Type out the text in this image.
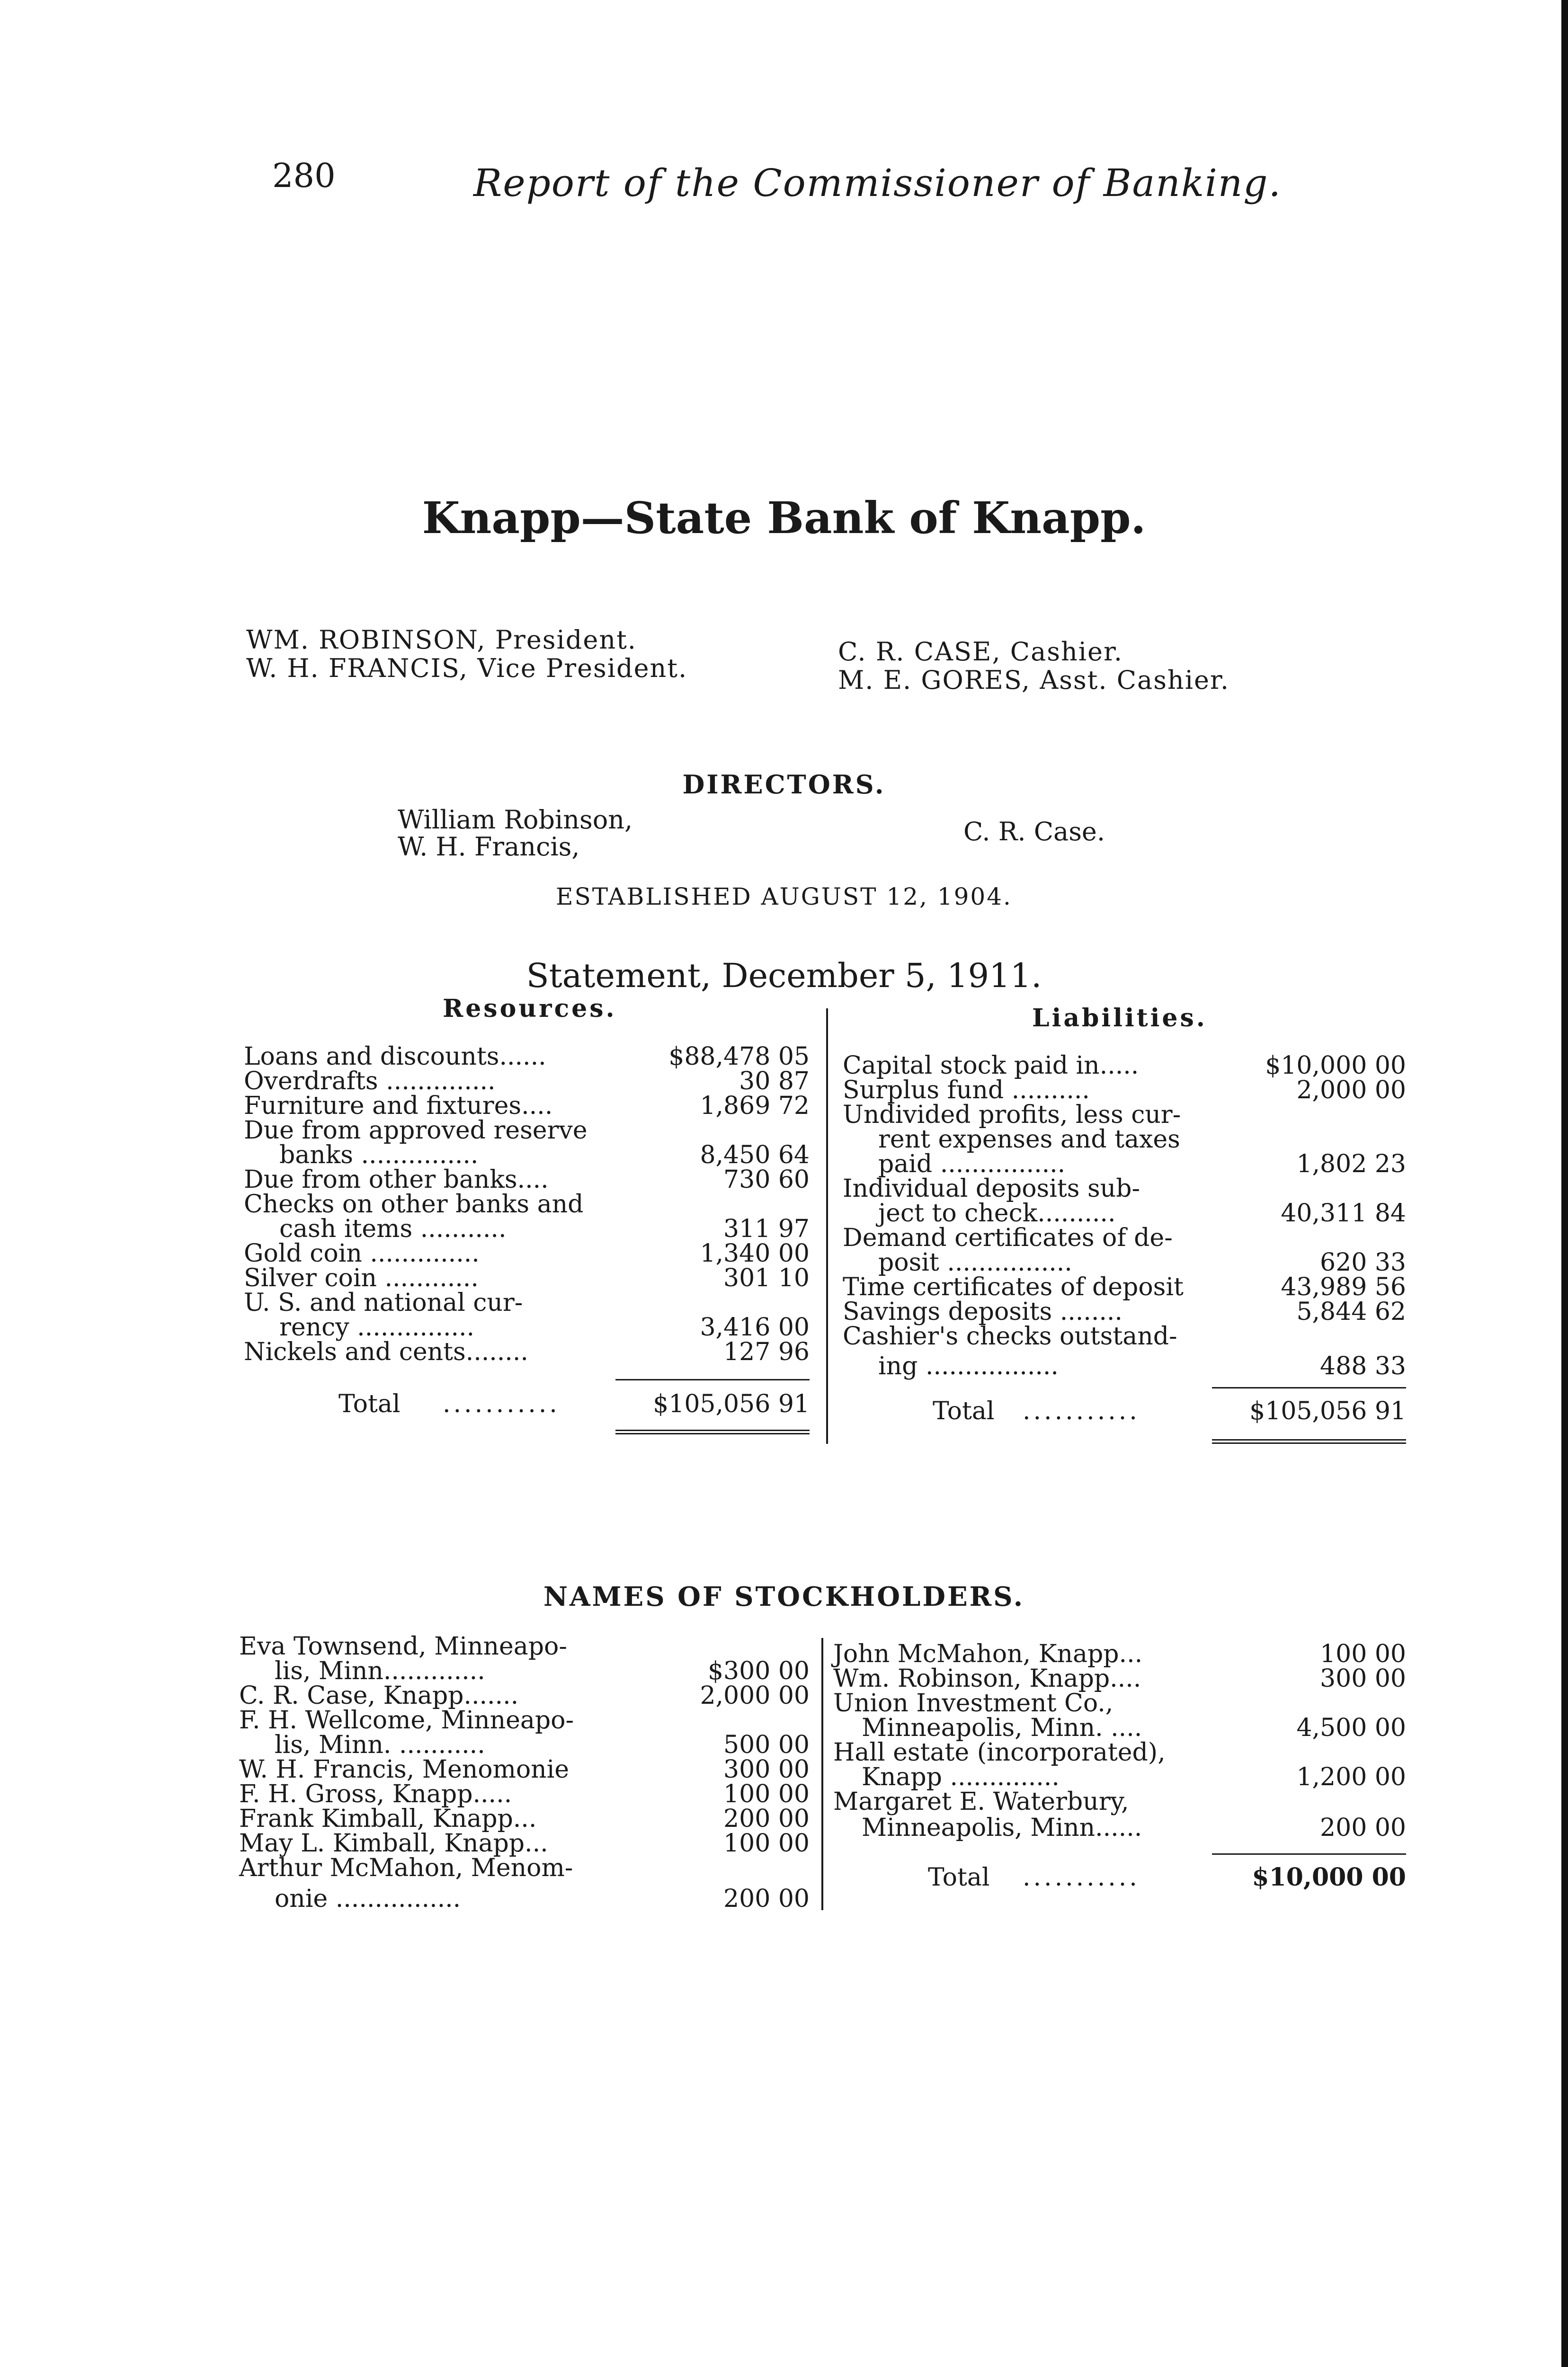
280	Report of the Commissioner of Banking.
Knapp—State Bank of Knapp.
WM. ROBINSON, President.
W. H. FRANCIS, Vice President.
C. R. CASE, Cashier.
M. E. GORES, Asst. Cashier.
DIRECTORS.
William Robinson,
W. H. Francis,
C. R. Case.
ESTABLISHED AUGUST 12, 1904.
Statement, December 5, 1911.
Resources.	Liabilities.
Loans and discounts......	$88,478 05
Overdrafts ..............	30 87
Furniture and fixtures....	1,869 72
Due from approved reserve
banks ...............	8,450 64
Due from other banks....	730 60
Checks on other banks and
cash items ...........	311 97
Gold coin ..............	1,340 00
Silver coin ............	301 10
U. S. and national cur-
rency ...............	3,416 00
Nickels and cents........	127 96
Total ...........	$105,056 91
Capital stock paid in.....	$10,000 00
Surplus fund ..........	2,000 00
Undivided profits, less cur-
rent expenses and taxes
paid ................	1,802 23
Individual deposits sub-
ject to check..........	40,311 84
Demand certificates of de-
posit ................	620 33
Time certificates of deposit	43,989 56
Savings deposits ........	5,844 62
Cashier's checks outstand-
ing .................	488 33
Total ...........	$105,056 91
NAMES OF STOCKHOLDERS.
Eva Townsend, Minneapo-
lis, Minn.............	$300 00
C. R. Case, Knapp.......	2,000 00
F. H. Wellcome, Minneapo-
lis, Minn. ...........	500 00
W. H. Francis, Menomonie	300 00
F. H. Gross, Knapp.....	100 00
Frank Kimball, Knapp...	200 00
May L. Kimball, Knapp...	100 00
Arthur McMahon, Menom-
onie ................	200 00
John McMahon, Knapp...	100 00
Wm. Robinson, Knapp....	300 00
Union Investment Co.,
Minneapolis, Minn. ....	4,500 00
Hall estate (incorporated),
Knapp ..............	1,200 00
Margaret E. Waterbury,
Minneapolis, Minn......	200 00
Total ...........	$10,000 00
